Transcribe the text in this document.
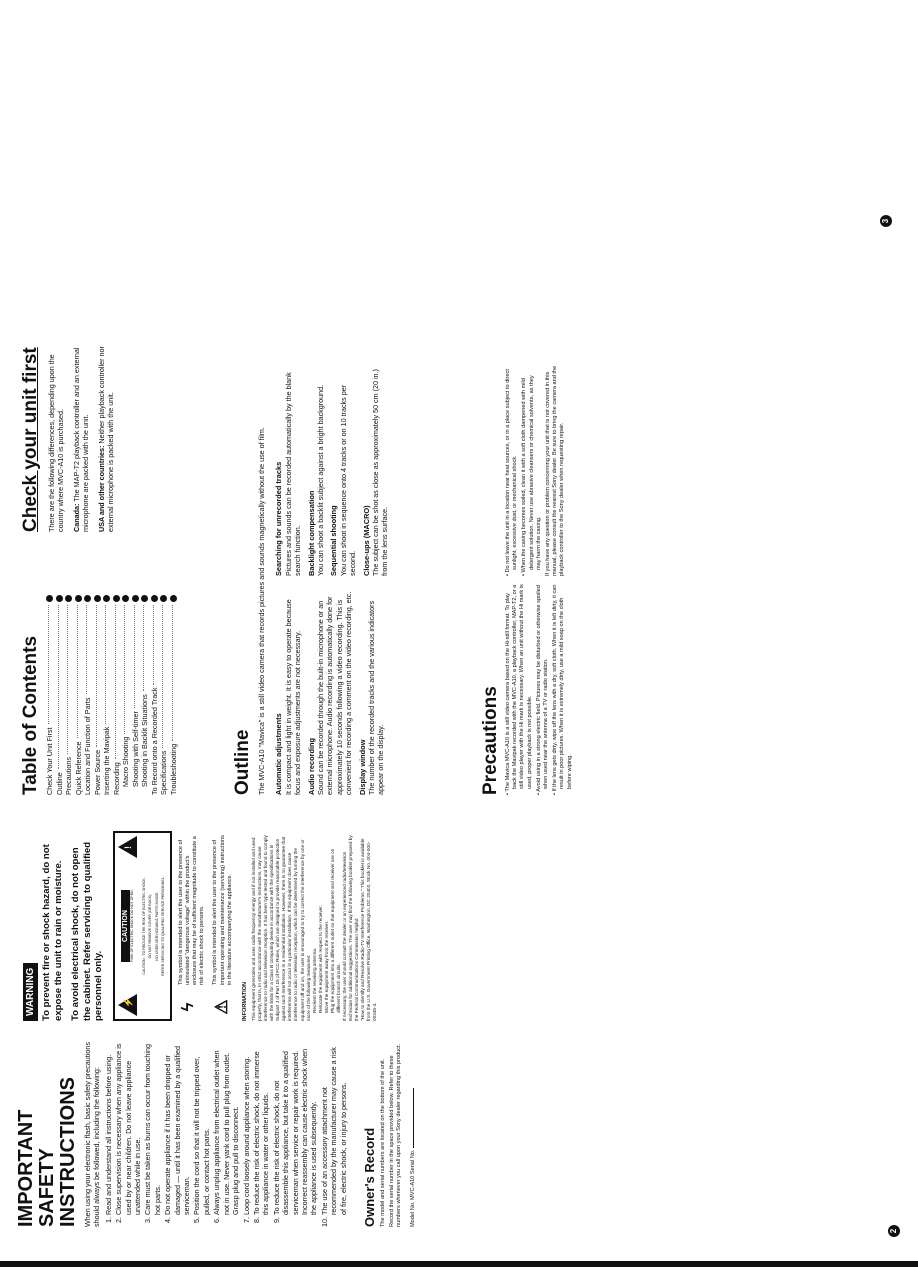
IMPORTANT SAFETY
INSTRUCTIONS When using your electronic flash, basic safety precautions should always be followed, including the following: 1. Read and understand all instructions before using. 2. Close supervision is necessary when any appliance is used by or near children. Do not leave appliance unattended while in use. 3. Care must be taken as burns can occur from touching hot parts. 4. Do not operate appliance if it has been dropped or damaged — until it has been examined by a qualified serviceman. 5. Position the cord so that it will not be tripped over, pulled, or contact hot parts. 6. Always unplug appliance from electrical outlet when not in use. Never yank cord to pull plug from outlet. Grasp plug and pull to disconnect. 7. Loop cord loosely around appliance when storing. 8. To reduce the risk of electric shock, do not immerse this appliance in water or other liquids. 9. To reduce the risk of electric shock, do not disassemble this appliance, but take it to a qualified serviceman when service or repair work is required. Incorrect reassembly can cause electric shock when the appliance is used subsequently. 10. The use of an accessory attachment not recommended by the manufacturer may cause a risk of fire, electric shock, or injury to persons. Owner's Record The model and serial numbers are located on the bottom of the unit. Record the serial number in the space provided below. Refer to these numbers whenever you call upon your Sony dealer regarding this product. Model No. MVC-A10 Serial No.
WARNING To prevent fire or shock hazard, do not expose the unit to rain or moisture. To avoid electrical shock, do not open the cabinet. Refer servicing to qualified personnel only. ⚡
CAUTION RISK OF ELECTRIC SHOCK DO NOT OPEN
!
CAUTION : TO REDUCE THE RISK OF ELECTRIC SHOCK, DO NOT REMOVE COVER (OR BACK). NO USER-SERVICEABLE PARTS INSIDE. REFER SERVICING TO QUALIFIED SERVICE PERSONNEL.
ϟ
This symbol is intended to alert the user to the presence of uninsulated "dangerous voltage" within the product's enclosure that may be of sufficient magnitude to constitute a risk of electric shock to persons.
⚠
This symbol is intended to alert the user to the presence of important operating and maintenance (servicing) instructions in the literature accompanying the appliance.
INFORMATION This equipment generates and uses radio frequency energy and if not installed and used properly, that is, in strict accordance with the manufacturer's instructions, may cause interference to radio and television reception. It has been type tested and found to comply with the limits for a Class B computing device in accordance with the specifications in Subpart J of Part 15 of FCC Rules, which are designed to provide reasonable protection against such interference in a residential installation. However, there is no guarantee that interference will not occur in a particular installation. If this equipment does cause interference to radio or television reception, which can be determined by turning the equipment off and on, the user is encouraged to try to correct the interference by one or more of the following measures: Reorient the receiving antenna. Relocate the equipment with respect to the receiver. Move the equipment away from the receiver. Plug the equipment into a different outlet so that equipment and receiver are on different branch circuits. If necessary, the user should consult the dealer or an experienced radio/television technician for additional suggestions. The user may find the following booklet prepared by the Federal Communications Commission helpful: "How to Identify and Resolve Radio-TV Interference Problems." This booklet is available from the U.S. Government Printing Office, Washington, DC 20402, Stock No. 004-000-00345-4.
Table of Contents Check Your Unit First Outline Precautions Quick Reference Location and Function of Parts Power Source Inserting the Mavipak Recording Macro Shooting Shooting with Self-timer Shooting in Backlit Situations To Record onto a Recorded Track Specifications Troubleshooting	Outline The MVC-A10 "Mavica" is a still video camera that records pictures and sounds magnetically without the use of film. Automatic adjustments It is compact and light in weight. It is easy to operate because focus and exposure adjustments are not necessary. Audio recording Sound can be recorded through the built-in microphone or an external microphone. Audio recording is automatically done for approximately 10 seconds following a video recording. This is convenient for recording a comment on the video recording, etc. Display window The number of the recorded tracks and the various indicators appear on the display.
Searching for unrecorded tracks Pictures and sounds can be recorded automatically by the blank search function. Backlight compensation You can shoot a backlit subject against a bright background. Sequential shooting You can shoot in sequence onto 4 tracks or on 10 tracks per second. Close-ups (MACRO) The subject can be shot as close as approximately 50 cm (20 in.) from the lens surface.
Precautions • The Mavica MVC-A10 is a still video camera based on the Hi-still format. To play back the Mavipak recorded with the MVC-A10, a playback controller, MAP-T2, or a still video player with the Hi mark is necessary. When an unit without the Hi mark is used, proper playback is not possible.
• Avoid using in a strong electric field. Pictures may be disturbed or otherwise spoiled when used near the antenna of a TV or radio station.
• If the lens gets dirty, wipe off the lens with a dry, soft cloth. When it is left dirty, it can result in poor pictures. When it is extremely dirty, use a mild soap on the cloth before wiping.
• Do not leave the unit in a location near heat sources, or in a place subject to direct sunlight, excessive dust, or mechanical shock.
• When the casing becomes soiled, clean it with a soft cloth dampened with mild detergent solution. Never use abrasive cleansers or chemical solvents, as they may harm the casing. If you have any question or problem concerning your unit that is not covered in this manual, please consult the nearest Sony dealer. Be sure to bring the camera and the playback controller to the Sony dealer when requesting repair.
Check your unit first There are the following differences, depending upon the country where MVC-A10 is purchased. Canada: The MAP-T2 playback controller and an external microphone are packed with the unit. USA and other countries: Neither playback controller nor external microphone is packed with the unit.
2
3
